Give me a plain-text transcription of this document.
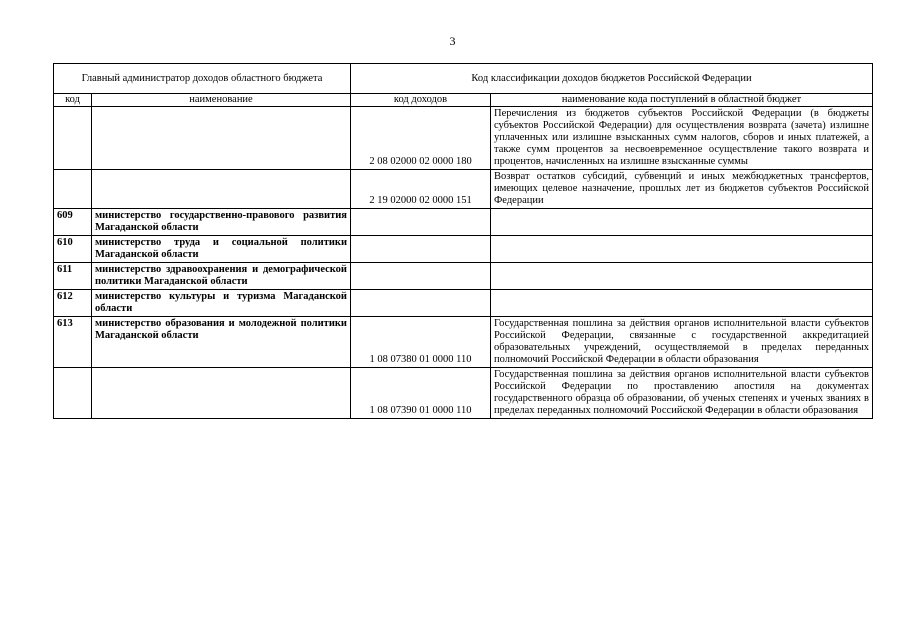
3
Главный администратор доходов областного бюджета		Код классификации доходов бюджетов Российской Федерации	
код	наименование	код доходов	наименование кода поступлений в областной бюджет
		2 08 02000 02 0000 180	Перечисления из бюджетов субъектов Российской Федерации (в бюджеты субъектов Российской Федерации) для осуществления возврата (зачета) излишне уплаченных или излишне взысканных сумм налогов, сборов и иных платежей, а также сумм процентов за несвоевременное осуществление такого возврата и процентов, начисленных на излишне взысканные суммы
		2 19 02000 02 0000 151	Возврат остатков субсидий, субвенций и иных межбюджетных трансфертов, имеющих целевое назначение, прошлых лет из бюджетов субъектов Российской Федерации
609	министерство государственно-правового развития Магаданской области		
610	министерство труда и социальной политики Магаданской области		
611	министерство здравоохранения и демографической политики Магаданской области		
612	министерство культуры и туризма Магаданской области		
613	министерство образования и молодежной политики Магаданской области	1 08 07380 01 0000 110	Государственная пошлина за действия органов исполнительной власти субъектов Российской Федерации, связанные с государственной аккредитацией образовательных учреждений, осуществляемой в пределах переданных полномочий Российской Федерации в области образования
		1 08 07390 01 0000 110	Государственная пошлина за действия органов исполнительной власти субъектов Российской Федерации по проставлению апостиля на документах государственного образца об образовании, об ученых степенях и ученых званиях в пределах переданных полномочий Российской Федерации в области образования
